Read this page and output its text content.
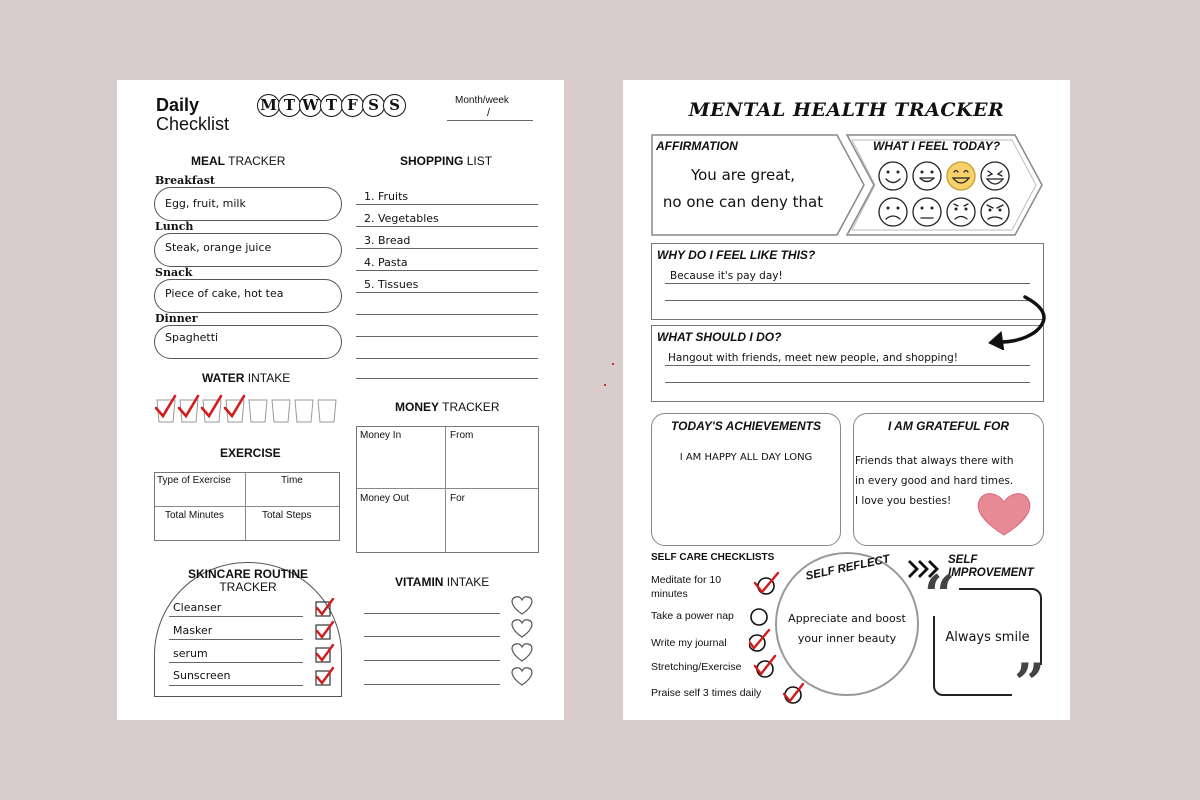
Daily
Checklist
M T W T F S S	Month/week
/
MEAL TRACKER
Breakfast
Egg, fruit, milk
Lunch
Steak, orange juice
Snack
Piece of cake, hot tea
Dinner
Spaghetti
SHOPPING LIST
1. Fruits
2. Vegetables
3. Bread
4. Pasta
5. Tissues
WATER INTAKE
EXERCISE
Type of Exercise	Time
Total Minutes	Total Steps
MONEY TRACKER
Money In	From
Money Out	For
SKINCARE ROUTINE
TRACKER
Cleanser
Masker
serum
Sunscreen
VITAMIN INTAKE
MENTAL HEALTH TRACKER
AFFIRMATION
You are great,
no one can deny that
WHAT I FEEL TODAY?
WHY DO I FEEL LIKE THIS?
Because it's pay day!
WHAT SHOULD I DO?
Hangout with friends, meet new people, and shopping!
TODAY'S ACHIEVEMENTS
I AM HAPPY ALL DAY LONG
I AM GRATEFUL FOR
Friends that always there with
in every good and hard times.
I love you besties!
SELF CARE CHECKLISTS
Meditate for 10
minutes
Take a power nap
Write my journal
Stretching/Exercise
Praise self 3 times daily
SELF REFLECT
Appreciate and boost
your inner beauty
SELF
IMPROVEMENT
“
”
Always smile
